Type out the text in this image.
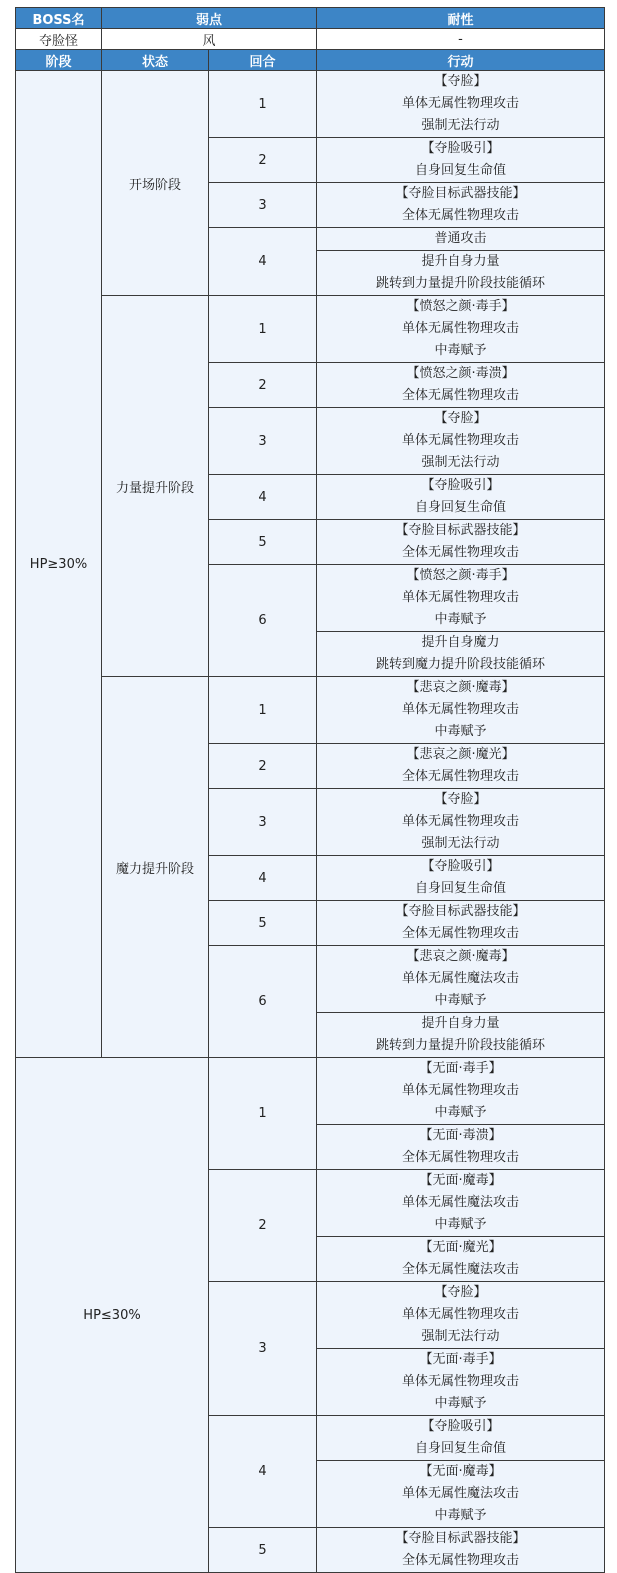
BOSS名	弱点		耐性
夺脸怪	风		-
阶段	状态	回合	行动
HP≥30%	开场阶段	1	【夺脸】
单体无属性物理攻击
强制无法行动

		2	【夺脸吸引】
自身回复生命值

		3	【夺脸目标武器技能】
全体无属性物理攻击

		4	普通攻击

			提升自身力量
跳转到力量提升阶段技能循环

	力量提升阶段	1	【愤怒之颜·毒手】
单体无属性物理攻击
中毒赋予

		2	【愤怒之颜·毒溃】
全体无属性物理攻击

		3	【夺脸】
单体无属性物理攻击
强制无法行动

		4	【夺脸吸引】
自身回复生命值

		5	【夺脸目标武器技能】
全体无属性物理攻击

		6	【愤怒之颜·毒手】
单体无属性物理攻击
中毒赋予

			提升自身魔力
跳转到魔力提升阶段技能循环

	魔力提升阶段	1	【悲哀之颜·魔毒】
单体无属性物理攻击
中毒赋予

		2	【悲哀之颜·魔光】
全体无属性物理攻击

		3	【夺脸】
单体无属性物理攻击
强制无法行动

		4	【夺脸吸引】
自身回复生命值

		5	【夺脸目标武器技能】
全体无属性物理攻击

		6	【悲哀之颜·魔毒】
单体无属性魔法攻击
中毒赋予

			提升自身力量
跳转到力量提升阶段技能循环

HP≤30%		1	【无面·毒手】
单体无属性物理攻击
中毒赋予

			【无面·毒溃】
全体无属性物理攻击

		2	【无面·魔毒】
单体无属性魔法攻击
中毒赋予

			【无面·魔光】
全体无属性魔法攻击

		3	【夺脸】
单体无属性物理攻击
强制无法行动

			【无面·毒手】
单体无属性物理攻击
中毒赋予

		4	【夺脸吸引】
自身回复生命值

			【无面·魔毒】
单体无属性魔法攻击
中毒赋予

		5	【夺脸目标武器技能】
全体无属性物理攻击
